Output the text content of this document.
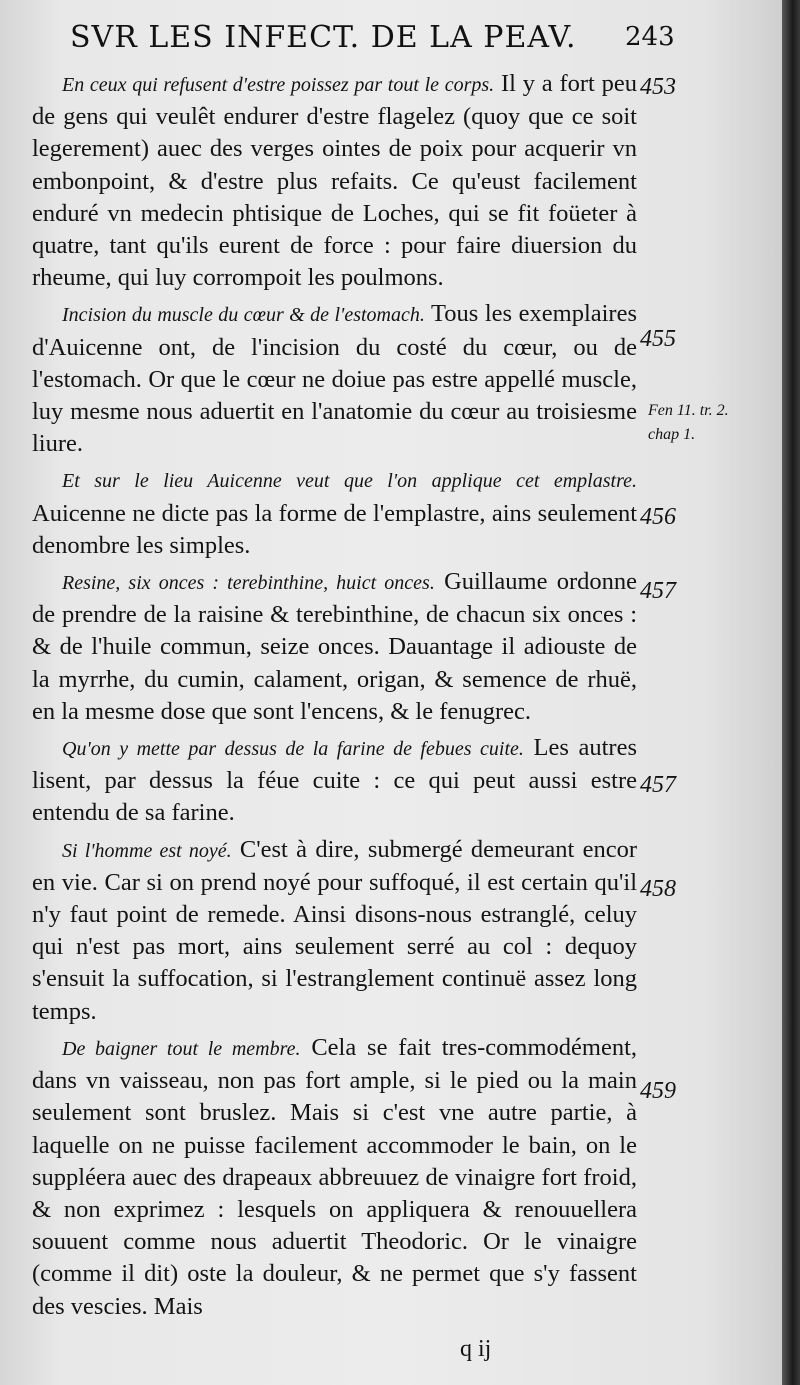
SVR LES INFECT. DE LA PEAV. 243

En ceux qui refusent d'estre poissez par tout le corps. Il y a fort peu de gens qui veulêt endurer d'estre flagelez (quoy que ce soit legerement) auec des verges ointes de poix pour acquerir vn embonpoint, & d'estre plus refaits. Ce qu'eust facilement enduré vn medecin phtisique de Loches, qui se fit foüeter à quatre, tant qu'ils eurent de force : pour faire diuersion du rheume, qui luy corrompoit les poulmons.

Incision du muscle du cœur & de l'estomach. Tous les exemplaires d'Auicenne ont, de l'incision du costé du cœur, ou de l'estomach. Or que le cœur ne doiue pas estre appellé muscle, luy mesme nous aduertit en l'anatomie du cœur au troisiesme liure.

Et sur le lieu Auicenne veut que l'on applique cet emplastre. Auicenne ne dicte pas la forme de l'emplastre, ains seulement denombre les simples.

Resine, six onces : terebinthine, huict onces. Guillaume ordonne de prendre de la raisine & terebinthine, de chacun six onces : & de l'huile commun, seize onces. Dauantage il adiouste de la myrrhe, du cumin, calament, origan, & semence de rhuë, en la mesme dose que sont l'encens, & le fenugrec.

Qu'on y mette par dessus de la farine de febues cuite. Les autres lisent, par dessus la féue cuite : ce qui peut aussi estre entendu de sa farine.

Si l'homme est noyé. C'est à dire, submergé demeurant encor en vie. Car si on prend noyé pour suffoqué, il est certain qu'il n'y faut point de remede. Ainsi disons-nous estranglé, celuy qui n'est pas mort, ains seulement serré au col : dequoy s'ensuit la suffocation, si l'estranglement continuë assez long temps.

De baigner tout le membre. Cela se fait tres-commodément, dans vn vaisseau, non pas fort ample, si le pied ou la main seulement sont bruslez. Mais si c'est vne autre partie, à laquelle on ne puisse facilement accommoder le bain, on le suppléera auec des drapeaux abbreuuez de vinaigre fort froid, & non exprimez : lesquels on appliquera & renouuellera souuent comme nous aduertit Theodoric. Or le vinaigre (comme il dit) oste la douleur, & ne permet que s'y fassent des vescies. Mais

453
455
Fen 11. tr. 2.
chap 1.
456
457
457
458
459
q ij
